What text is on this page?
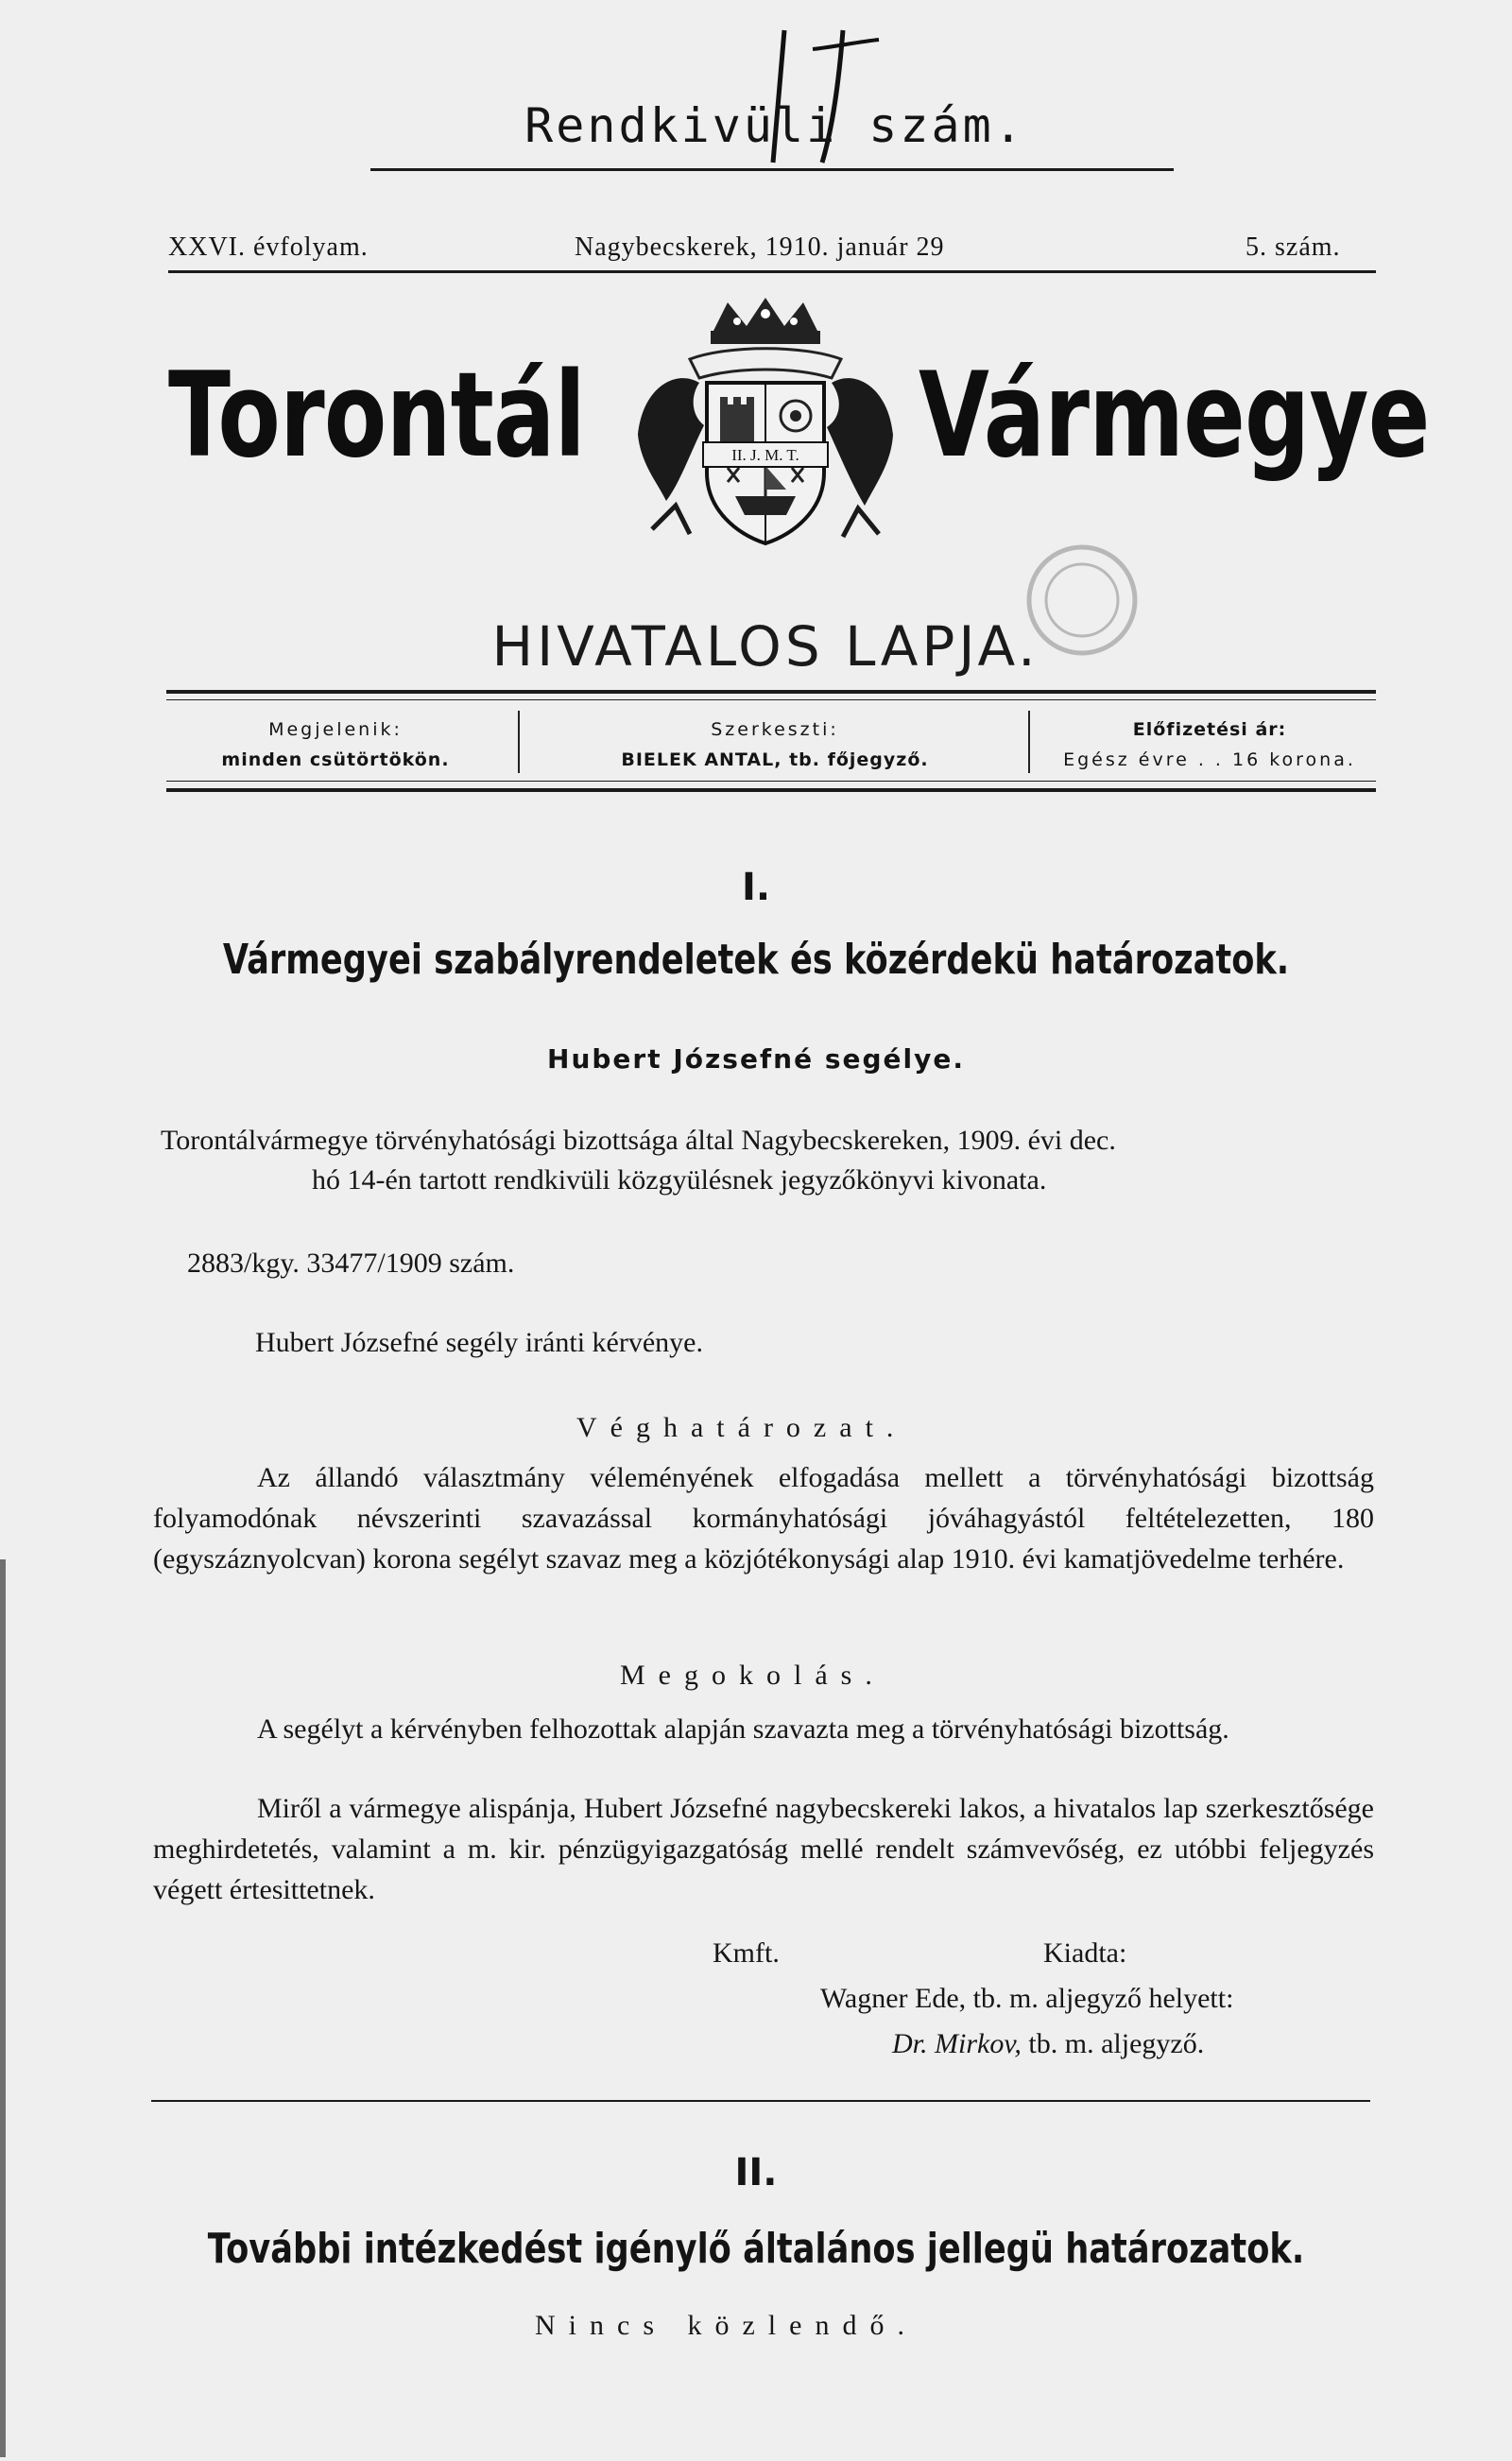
Rendkivüli szám.
XXVI. évfolyam.	Nagybecskerek, 1910. január 29	5. szám.
Torontál	Vármegye
II. J. M. T.
HIVATALOS LAPJA.
Megjelenik:
minden csütörtökön.
Szerkeszti:
BIELEK ANTAL, tb. főjegyző.
Előfizetési ár:
Egész évre . . 16 korona.
I.
Vármegyei szabályrendeletek és közérdekü határozatok.
Hubert Józsefné segélye.
Torontálvármegye törvényhatósági bizottsága által Nagybecskereken, 1909. évi dec.
hó 14-én tartott rendkivüli közgyülésnek jegyzőkönyvi kivonata.
2883/kgy. 33477/1909 szám.
Hubert Józsefné segély iránti kérvénye.
Véghatározat.
Az állandó választmány véleményének elfogadása mellett a törvényhatósági bizottság folyamodónak névszerinti szavazással kormányhatósági jóváhagyástól feltételezetten, 180 (egyszáznyolcvan) korona segélyt szavaz meg a közjótékonysági alap 1910. évi kamatjövedelme terhére.
Megokolás.
A segélyt a kérvényben felhozottak alapján szavazta meg a törvényhatósági bizottság.
Miről a vármegye alispánja, Hubert Józsefné nagybecskereki lakos, a hivatalos lap szerkesztősége meghirdetetés, valamint a m. kir. pénzügyigazgatóság mellé rendelt számvevőség, ez utóbbi feljegyzés végett értesittetnek.
Kmft.	Kiadta:
Wagner Ede, tb. m. aljegyző helyett:
Dr. Mirkov, tb. m. aljegyző.
II.
További intézkedést igénylő általános jellegü határozatok.
Nincs közlendő.
